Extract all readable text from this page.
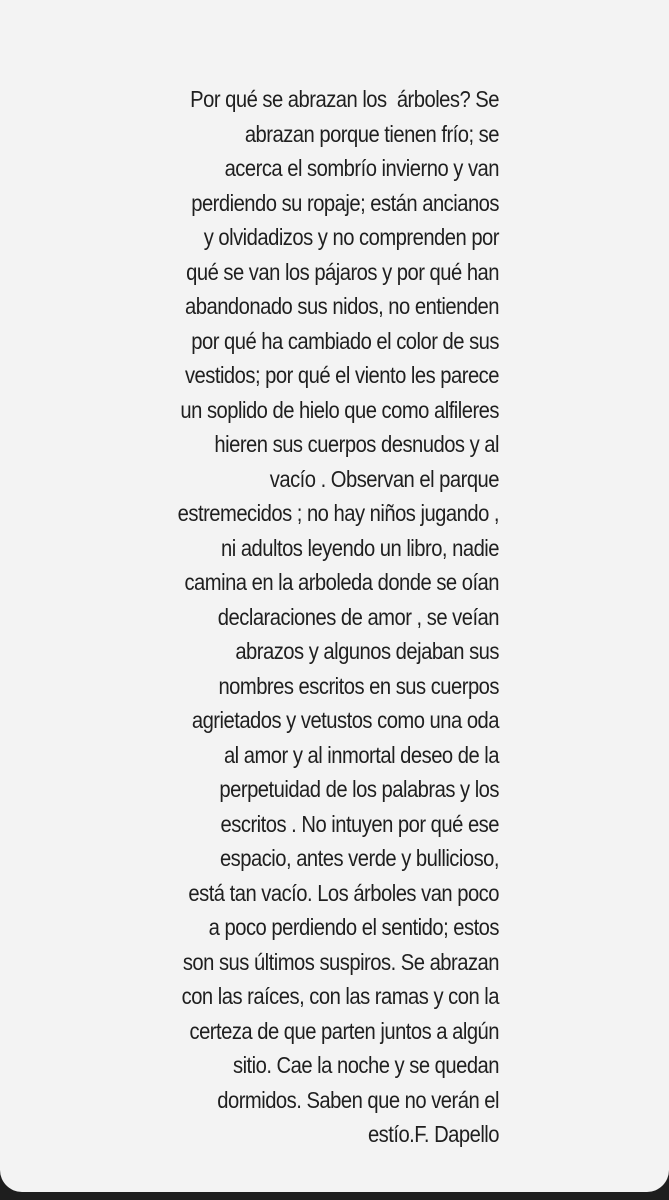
Por qué se abrazan los  árboles? Se
abrazan porque tienen frío; se
acerca el sombrío invierno y van
perdiendo su ropaje; están ancianos
y olvidadizos y no comprenden por
qué se van los pájaros y por qué han
abandonado sus nidos, no entienden
por qué ha cambiado el color de sus
vestidos; por qué el viento les parece
un soplido de hielo que como alfileres
hieren sus cuerpos desnudos y al
vacío . Observan el parque
estremecidos ; no hay niños jugando ,
ni adultos leyendo un libro, nadie
camina en la arboleda donde se oían
declaraciones de amor , se veían
abrazos y algunos dejaban sus
nombres escritos en sus cuerpos
agrietados y vetustos como una oda
al amor y al inmortal deseo de la
perpetuidad de los palabras y los
escritos . No intuyen por qué ese
espacio, antes verde y bullicioso,
está tan vacío. Los árboles van poco
a poco perdiendo el sentido; estos
son sus últimos suspiros. Se abrazan
con las raíces, con las ramas y con la
certeza de que parten juntos a algún
sitio. Cae la noche y se quedan
dormidos. Saben que no verán el
estío.F. Dapello
